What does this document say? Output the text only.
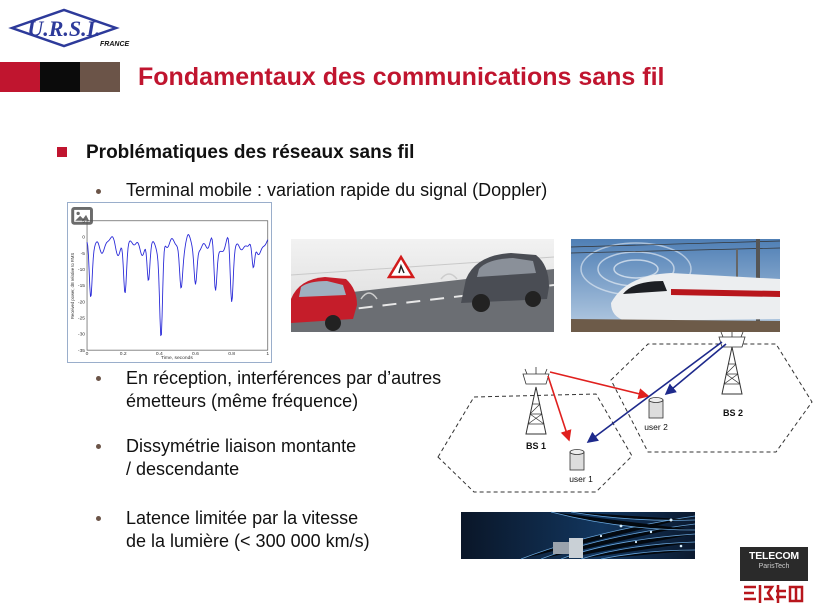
U.R.S.I.
FRANCE
Fondamentaux des communications sans fil
Problématiques des réseaux sans fil
Terminal mobile : variation rapide du signal (Doppler)
En réception, interférences par d’autres
émetteurs (même fréquence)
Dissymétrie liaison montante
/ descendante
Latence limitée par la vitesse
de la lumière (< 300 000 km/s)
0	0.2	0.4	0.6	0.8	1
5
0
-5
-10
-15
-20
-25
-30
-35
Time, seconds
Received power, dB relative to RMS
BS 1
BS 2
user 1
user 2
TELECOM
ParisTech
